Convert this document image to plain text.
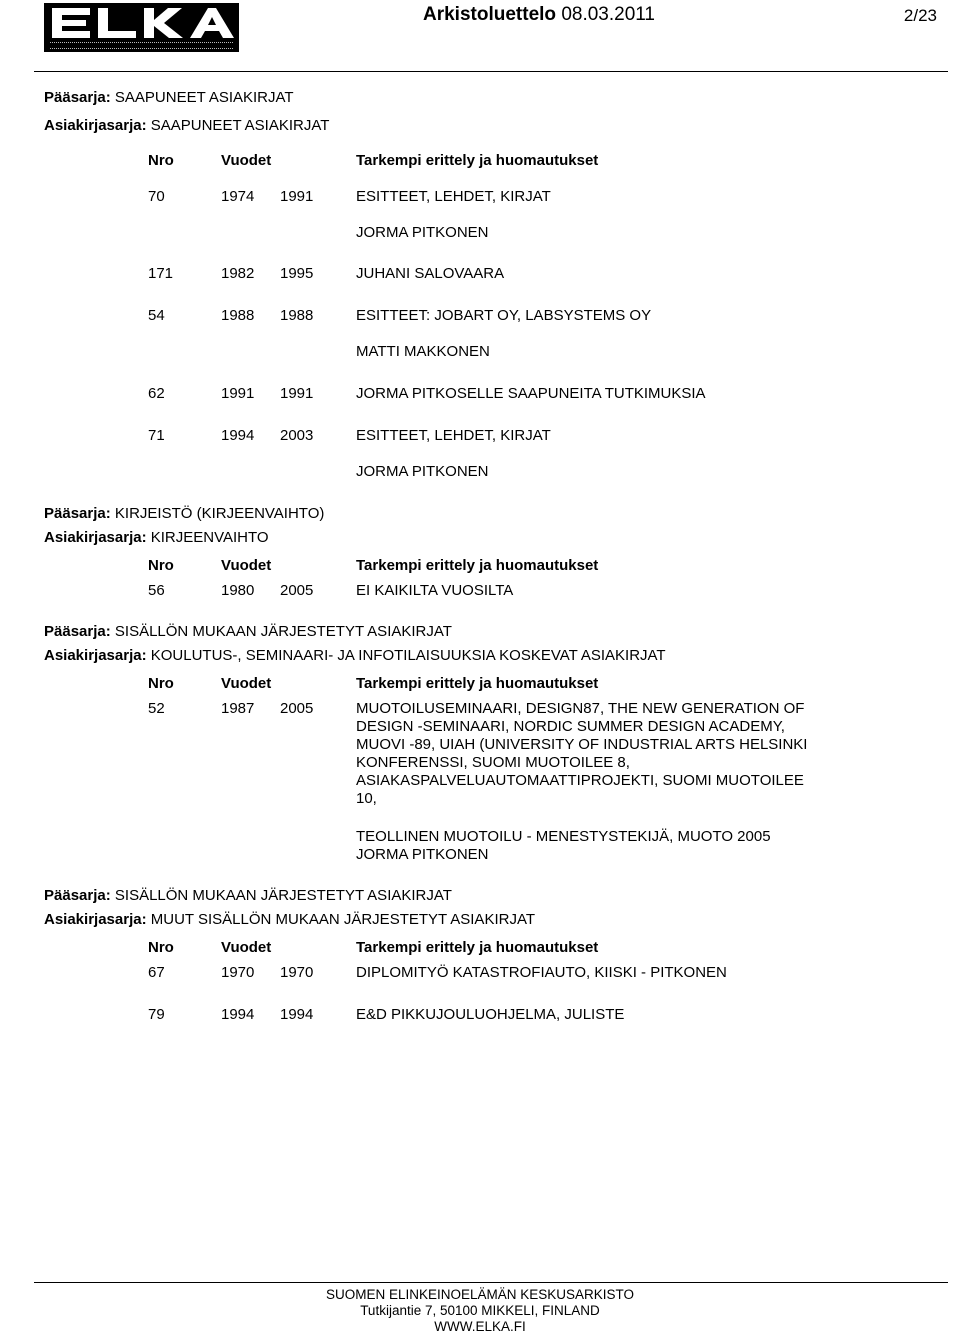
Arkistoluettelo 08.03.2011	2/23
Pääsarja: SAAPUNEET ASIAKIRJAT
Asiakirjasarja: SAAPUNEET ASIAKIRJAT
Nro	Vuodet	Tarkempi erittely ja huomautukset
70	1974 1991	ESITTEET, LEHDET, KIRJAT
JORMA PITKONEN
171	1982 1995	JUHANI SALOVAARA
54	1988 1988	ESITTEET: JOBART OY, LABSYSTEMS OY
MATTI MAKKONEN
62	1991 1991	JORMA PITKOSELLE SAAPUNEITA TUTKIMUKSIA
71	1994 2003	ESITTEET, LEHDET, KIRJAT
JORMA PITKONEN
Pääsarja: KIRJEISTÖ (KIRJEENVAIHTO)
Asiakirjasarja: KIRJEENVAIHTO
Nro	Vuodet	Tarkempi erittely ja huomautukset
56	1980 2005	EI KAIKILTA VUOSILTA
Pääsarja: SISÄLLÖN MUKAAN JÄRJESTETYT ASIAKIRJAT
Asiakirjasarja: KOULUTUS-, SEMINAARI- JA INFOTILAISUUKSIA KOSKEVAT ASIAKIRJAT
Nro	Vuodet	Tarkempi erittely ja huomautukset
52	1987 2005	MUOTOILUSEMINAARI, DESIGN87, THE NEW GENERATION OF DESIGN -SEMINAARI, NORDIC SUMMER DESIGN ACADEMY, MUOVI -89, UIAH (UNIVERSITY OF INDUSTRIAL ARTS HELSINKI KONFERENSSI, SUOMI MUOTOILEE 8, ASIAKASPALVELUAUTOMAATTIPROJEKTI, SUOMI MUOTOILEE 10,
TEOLLINEN MUOTOILU - MENESTYSTEKIJÄ, MUOTO 2005
JORMA PITKONEN
Pääsarja: SISÄLLÖN MUKAAN JÄRJESTETYT ASIAKIRJAT
Asiakirjasarja: MUUT SISÄLLÖN MUKAAN JÄRJESTETYT ASIAKIRJAT
Nro	Vuodet	Tarkempi erittely ja huomautukset
67	1970 1970	DIPLOMITYÖ KATASTROFIAUTO, KIISKI - PITKONEN
79	1994 1994	E&D PIKKUJOULUOHJELMA, JULISTE
SUOMEN ELINKEINOELÄMÄN KESKUSARKISTO
Tutkijantie 7, 50100 MIKKELI, FINLAND
WWW.ELKA.FI
